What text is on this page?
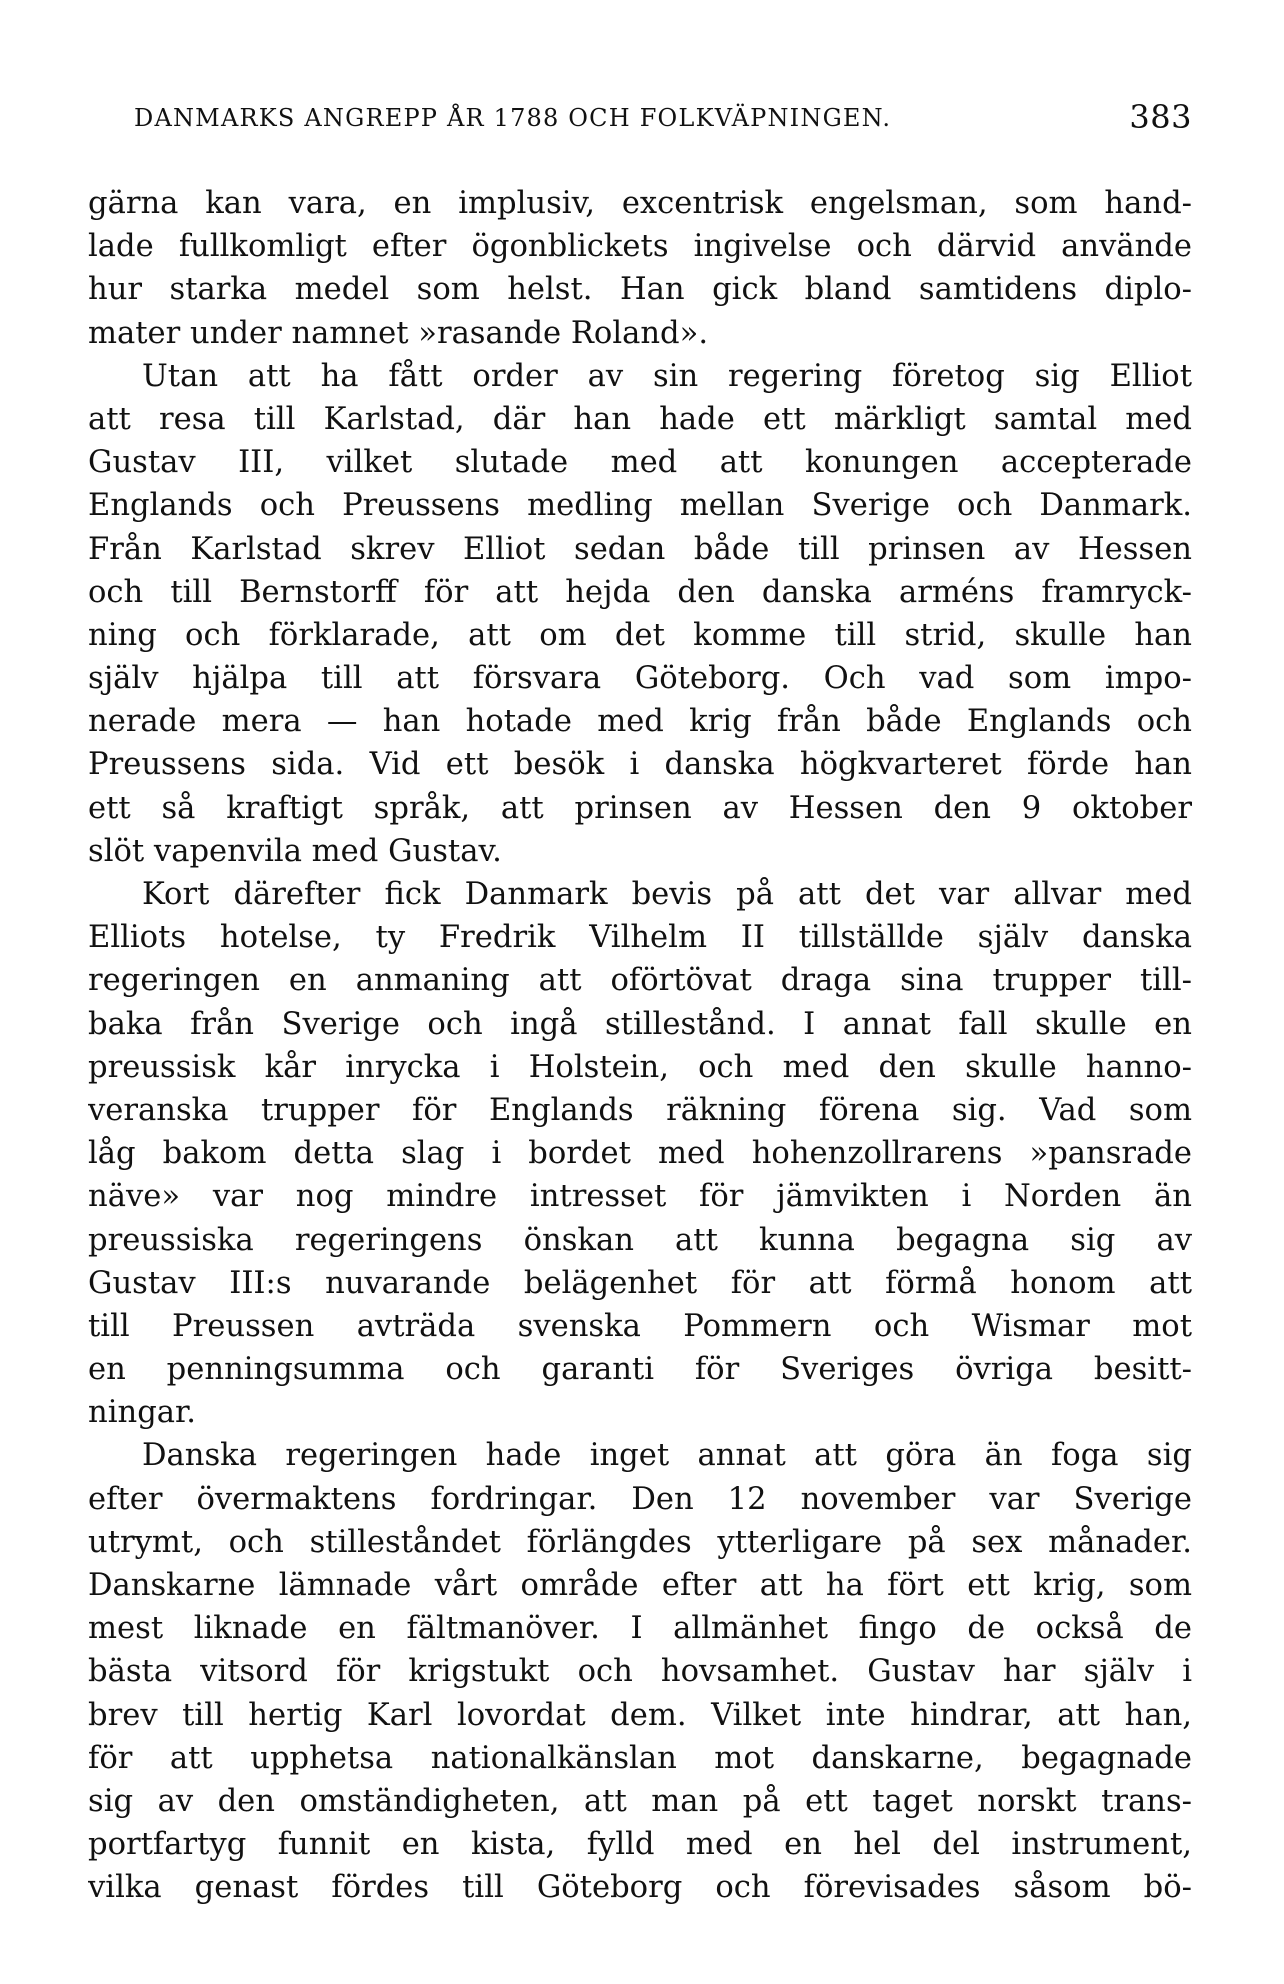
DANMARKS ANGREPP ÅR 1788 OCH FOLKVÄPNINGEN.	383
gärna kan vara, en implusiv, excentrisk engelsman, som hand-
lade fullkomligt efter ögonblickets ingivelse och därvid använde
hur starka medel som helst. Han gick bland samtidens diplo-
mater under namnet »rasande Roland».
Utan att ha fått order av sin regering företog sig Elliot
att resa till Karlstad, där han hade ett märkligt samtal med
Gustav III, vilket slutade med att konungen accepterade
Englands och Preussens medling mellan Sverige och Danmark.
Från Karlstad skrev Elliot sedan både till prinsen av Hessen
och till Bernstorff för att hejda den danska arméns framryck-
ning och förklarade, att om det komme till strid, skulle han
själv hjälpa till att försvara Göteborg. Och vad som impo-
nerade mera — han hotade med krig från både Englands och
Preussens sida. Vid ett besök i danska högkvarteret förde han
ett så kraftigt språk, att prinsen av Hessen den 9 oktober
slöt vapenvila med Gustav.
Kort därefter fick Danmark bevis på att det var allvar med
Elliots hotelse, ty Fredrik Vilhelm II tillställde själv danska
regeringen en anmaning att oförtövat draga sina trupper till-
baka från Sverige och ingå stillestånd. I annat fall skulle en
preussisk kår inrycka i Holstein, och med den skulle hanno-
veranska trupper för Englands räkning förena sig. Vad som
låg bakom detta slag i bordet med hohenzollrarens »pansrade
näve» var nog mindre intresset för jämvikten i Norden än
preussiska regeringens önskan att kunna begagna sig av
Gustav III:s nuvarande belägenhet för att förmå honom att
till Preussen avträda svenska Pommern och Wismar mot
en penningsumma och garanti för Sveriges övriga besitt-
ningar.
Danska regeringen hade inget annat att göra än foga sig
efter övermaktens fordringar. Den 12 november var Sverige
utrymt, och stilleståndet förlängdes ytterligare på sex månader.
Danskarne lämnade vårt område efter att ha fört ett krig, som
mest liknade en fältmanöver. I allmänhet fingo de också de
bästa vitsord för krigstukt och hovsamhet. Gustav har själv i
brev till hertig Karl lovordat dem. Vilket inte hindrar, att han,
för att upphetsa nationalkänslan mot danskarne, begagnade
sig av den omständigheten, att man på ett taget norskt trans-
portfartyg funnit en kista, fylld med en hel del instrument,
vilka genast fördes till Göteborg och förevisades såsom bö-
